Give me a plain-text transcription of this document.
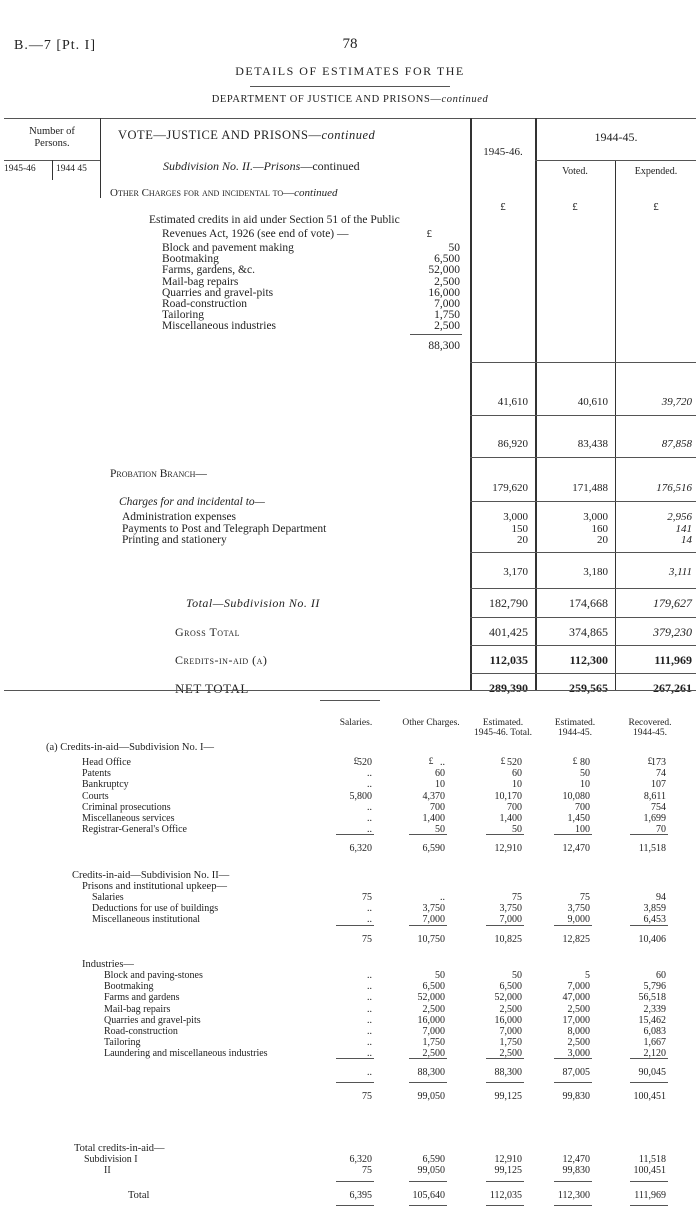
B.—7 [Pt. I]	78
DETAILS OF ESTIMATES FOR THE
DEPARTMENT OF JUSTICE AND PRISONS—continued
Number of Persons.
1945-46 1944 45
VOTE—JUSTICE AND PRISONS—continued
Subdivision No. II.—Prisons—continued
1945-46.
1944-45.
Voted.	Expended.
Other Charges for and incidental to—continued
£	£	£
Estimated credits in aid under Section 51 of the Public
Revenues Act, 1926 (see end of vote) —	£
Block and pavement making	50
Bootmaking	6,500
Farms, gardens, &c.	52,000
Mail-bag repairs	2,500
Quarries and gravel-pits	16,000
Road-construction	7,000
Tailoring	1,750
Miscellaneous industries	2,500
88,300
41,610	40,610	39,720
86,920	83,438	87,858
179,620	171,488	176,516
Probation Branch—
Charges for and incidental to—
Administration expenses	3,000	3,000	2,956
Payments to Post and Telegraph Department	150	160	141
Printing and stationery	20	20	14
3,170	3,180	3,111
Total—Subdivision No. II	182,790	174,668	179,627
Gross Total	401,425	374,865	379,230
Credits-in-aid (a)	112,035	112,300	111,969
NET TOTAL	289,390	259,565	267,261
Salaries.
£
Other Charges.
£
Estimated. 1945-46. Total.
£
Estimated. 1944-45.
£
Recovered. 1944-45.
£
(a) Credits-in-aid—Subdivision No. I—
Head Office	520	..	520	80	173
Patents	..	60	60	50	74
Bankruptcy	..	10	10	10	107
Courts	5,800	4,370	10,170	10,080	8,611
Criminal prosecutions	..	700	700	700	754
Miscellaneous services	..	1,400	1,400	1,450	1,699
Registrar-General's Office	..	50	50	100	70
6,320	6,590	12,910	12,470	11,518
Credits-in-aid—Subdivision No. II—
Prisons and institutional upkeep—
Salaries	75	..	75	75	94
Deductions for use of buildings	..	3,750	3,750	3,750	3,859
Miscellaneous institutional	..	7,000	7,000	9,000	6,453
75	10,750	10,825	12,825	10,406
Industries—
Block and paving-stones	..	50	50	5	60
Bootmaking	..	6,500	6,500	7,000	5,796
Farms and gardens	..	52,000	52,000	47,000	56,518
Mail-bag repairs	..	2,500	2,500	2,500	2,339
Quarries and gravel-pits	..	16,000	16,000	17,000	15,462
Road-construction	..	7,000	7,000	8,000	6,083
Tailoring	..	1,750	1,750	2,500	1,667
Laundering and miscellaneous industries	..	2,500	2,500	3,000	2,120
..	88,300	88,300	87,005	90,045
75	99,050	99,125	99,830	100,451
Total credits-in-aid—
Subdivision I	6,320	6,590	12,910	12,470	11,518
II	75	99,050	99,125	99,830	100,451
Total	6,395	105,640	112,035	112,300	111,969
